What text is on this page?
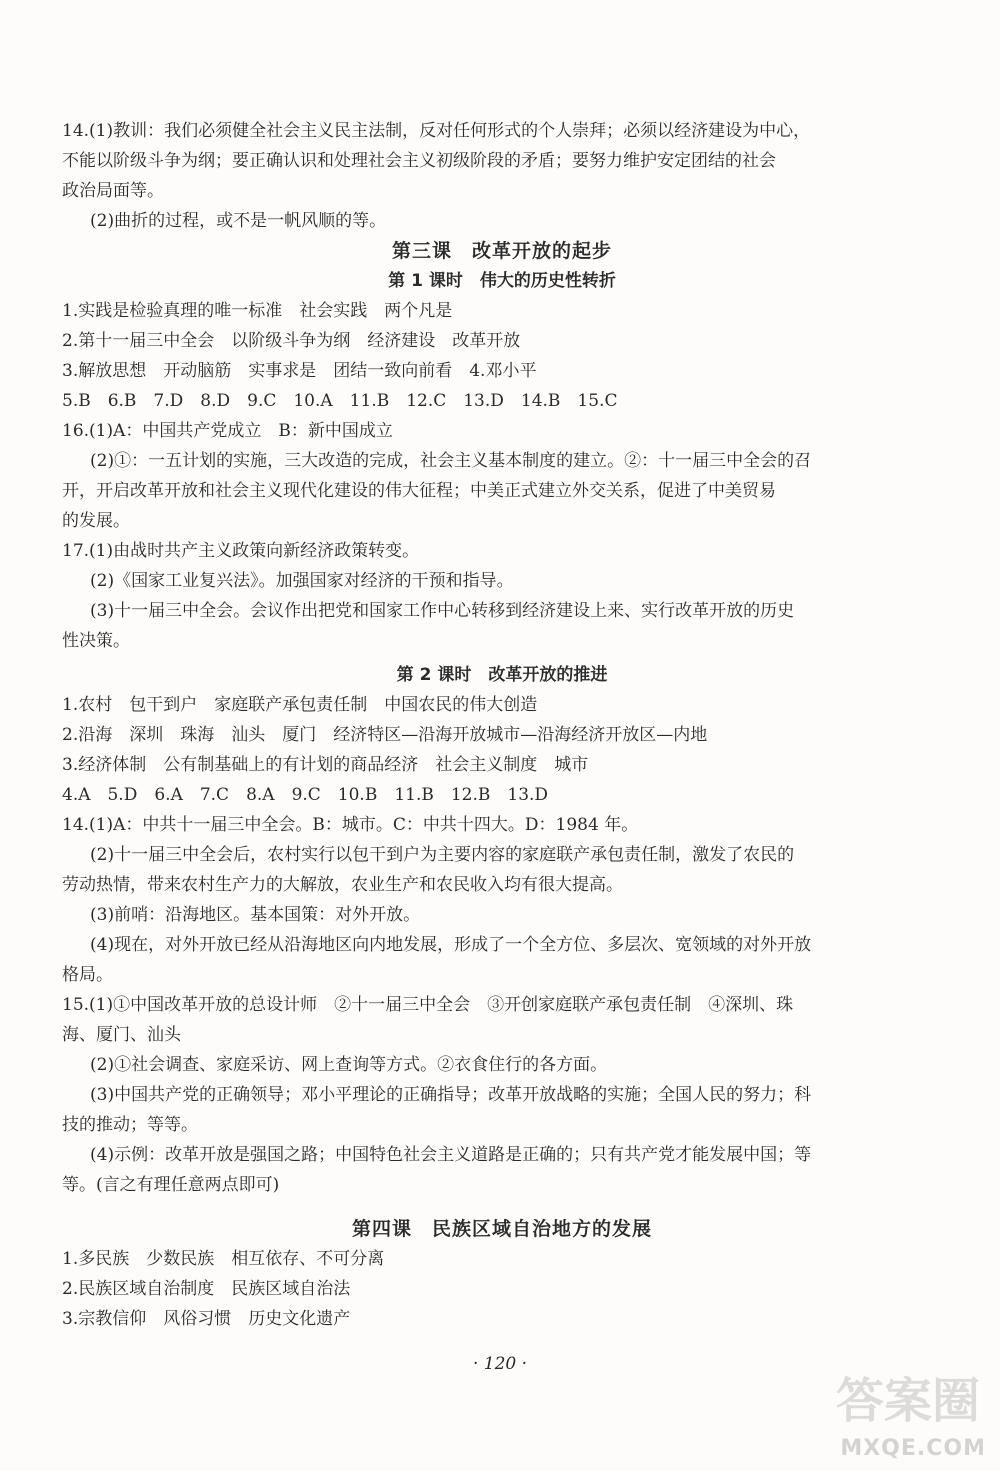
14.(1)教训：我们必须健全社会主义民主法制，反对任何形式的个人崇拜；必须以经济建设为中心，
不能以阶级斗争为纲；要正确认识和处理社会主义初级阶段的矛盾；要努力维护安定团结的社会
政治局面等。
(2)曲折的过程，或不是一帆风顺的等。
第三课　改革开放的起步
第 1 课时　伟大的历史性转折
1.实践是检验真理的唯一标准　社会实践　两个凡是
2.第十一届三中全会　以阶级斗争为纲　经济建设　改革开放
3.解放思想　开动脑筋　实事求是　团结一致向前看　4.邓小平
5.B　6.B　7.D　8.D　9.C　10.A　11.B　12.C　13.D　14.B　15.C
16.(1)A：中国共产党成立　B：新中国成立
(2)①：一五计划的实施，三大改造的完成，社会主义基本制度的建立。②：十一届三中全会的召
开，开启改革开放和社会主义现代化建设的伟大征程；中美正式建立外交关系，促进了中美贸易
的发展。
17.(1)由战时共产主义政策向新经济政策转变。
(2)《国家工业复兴法》。加强国家对经济的干预和指导。
(3)十一届三中全会。会议作出把党和国家工作中心转移到经济建设上来、实行改革开放的历史
性决策。
第 2 课时　改革开放的推进
1.农村　包干到户　家庭联产承包责任制　中国农民的伟大创造
2.沿海　深圳　珠海　汕头　厦门　经济特区—沿海开放城市—沿海经济开放区—内地
3.经济体制　公有制基础上的有计划的商品经济　社会主义制度　城市
4.A　5.D　6.A　7.C　8.A　9.C　10.B　11.B　12.B　13.D
14.(1)A：中共十一届三中全会。B：城市。C：中共十四大。D：1984 年。
(2)十一届三中全会后，农村实行以包干到户为主要内容的家庭联产承包责任制，激发了农民的
劳动热情，带来农村生产力的大解放，农业生产和农民收入均有很大提高。
(3)前哨：沿海地区。基本国策：对外开放。
(4)现在，对外开放已经从沿海地区向内地发展，形成了一个全方位、多层次、宽领域的对外开放
格局。
15.(1)①中国改革开放的总设计师　②十一届三中全会　③开创家庭联产承包责任制　④深圳、珠
海、厦门、汕头
(2)①社会调查、家庭采访、网上查询等方式。②衣食住行的各方面。
(3)中国共产党的正确领导；邓小平理论的正确指导；改革开放战略的实施；全国人民的努力；科
技的推动；等等。
(4)示例：改革开放是强国之路；中国特色社会主义道路是正确的；只有共产党才能发展中国；等
等。(言之有理任意两点即可)
第四课　民族区域自治地方的发展
1.多民族　少数民族　相互依存、不可分离
2.民族区域自治制度　民族区域自治法
3.宗教信仰　风俗习惯　历史文化遗产
· 120 ·
答案圈
MXQE.COM
